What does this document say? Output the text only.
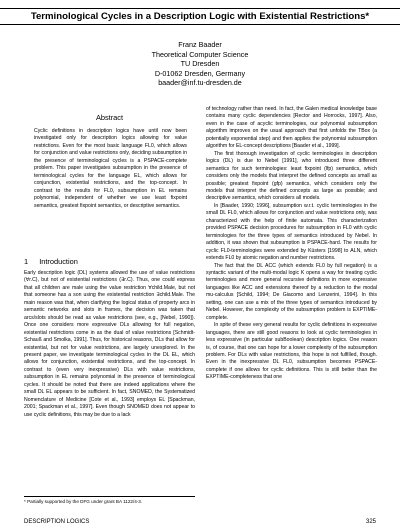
Terminological Cycles in a Description Logic with Existential Restrictions*
Franz Baader
Theoretical Computer Science
TU Dresden
D-01062 Dresden, Germany
baader@inf.tu-dresden.de
Abstract

Cyclic definitions in description logics have until now been investigated only for description logics allowing for value restrictions. Even for the most basic language FL0, which allows for conjunction and value restrictions only, deciding subsumption in the presence of terminological cycles is a PSPACE-complete problem. This paper investigates subsumption in the presence of terminological cycles for the language EL, which allows for conjunction, existential restrictions, and the top-concept. In contrast to the results for FL0, subsumption in EL remains polynomial, independent of whether we use least fixpoint semantics, greatest fixpoint semantics, or descriptive semantics.

1 Introduction

Early description logic (DL) systems allowed the use of value restrictions (∀r.C), but not of existential restrictions (∃r.C). Thus, one could express that all children are male using the value restriction ∀child.Male, but not that someone has a son using the existential restriction ∃child.Male. The main reason was that, when clarifying the logical status of property arcs in semantic networks and slots in frames, the decision was taken that arcs/slots should be read as value restrictions (see, e.g., [Nebel, 1990]). Once one considers more expressive DLs allowing for full negation, existential restrictions come in as the dual of value restrictions [Schmidt-Schauß and Smolka, 1991]. Thus, for historical reasons, DLs that allow for existential, but not for value restrictions, are largely unexplored. In the present paper, we investigate terminological cycles in the DL EL, which allows for conjunction, existential restrictions, and the top-concept. In contrast to (even very inexpressive) DLs with value restrictions, subsumption in EL remains polynomial in the presence of terminological cycles. It should be noted that there are indeed applications where the small DL EL appears to be sufficient. In fact, SNOMED, the Systematized Nomenclature of Medicine [Cote et al., 1993] employs EL [Spackman, 2001; Spackman et al., 1997]. Even though SNOMED does not appear to use cyclic definitions, this may be due to a lack

* Partially supported by the DFG under grant BA 1122/4-3.

of technology rather than need. In fact, the Galen medical knowledge base contains many cyclic dependencies [Rector and Horrocks, 1997]. Also, even in the case of acyclic terminologies, our polynomial subsumption algorithm improves on the usual approach that first unfolds the TBox (a potentially exponential step) and then applies the polynomial subsumption algorithm for EL-concept descriptions [Baader et al., 1999].

The first thorough investigation of cyclic terminologies in description logics (DL) is due to Nebel [1991], who introduced three different semantics for such terminologies: least fixpoint (lfp) semantics, which considers only the models that interpret the defined concepts as small as possible; greatest fixpoint (gfp) semantics, which considers only the models that interpret the defined concepts as large as possible; and descriptive semantics, which considers all models.

In [Baader, 1990; 1996], subsumption w.r.t. cyclic terminologies in the small DL FL0, which allows for conjunction and value restrictions only, was characterized with the help of finite automata. This characterization provided PSPACE decision procedures for subsumption in FL0 with cyclic terminologies for the three types of semantics introduced by Nebel. In addition, it was shown that subsumption is PSPACE-hard. The results for cyclic FL0-terminologies were extended by Küsters [1998] to ALN, which extends FL0 by atomic negation and number restrictions.

The fact that the DL ACC (which extends FL0 by full negation) is a syntactic variant of the multi-modal logic K opens a way for treating cyclic terminologies and more general recursive definitions in more expressive languages like ACC and extensions thereof by a reduction to the modal mu-calculus [Schild, 1994; De Giacomo and Lenzerini, 1994]. In this setting, one can use a mix of the three types of semantics introduced by Nebel. However, the complexity of the subsumption problem is EXPTIME-complete.

In spite of these very general results for cyclic definitions in expressive languages, there are still good reasons to look at cyclic terminologies in less expressive (in particular subBoolean) description logics. One reason is, of course, that one can hope for a lower complexity of the subsumption problem. For DLs with value restrictions, this hope is not fulfilled, though. Even in the inexpressive DL FL0, subsumption becomes PSPACE-complete if one allows for cyclic definitions. This is still better than the EXPTIME-completeness that one

DESCRIPTION LOGICS	325
